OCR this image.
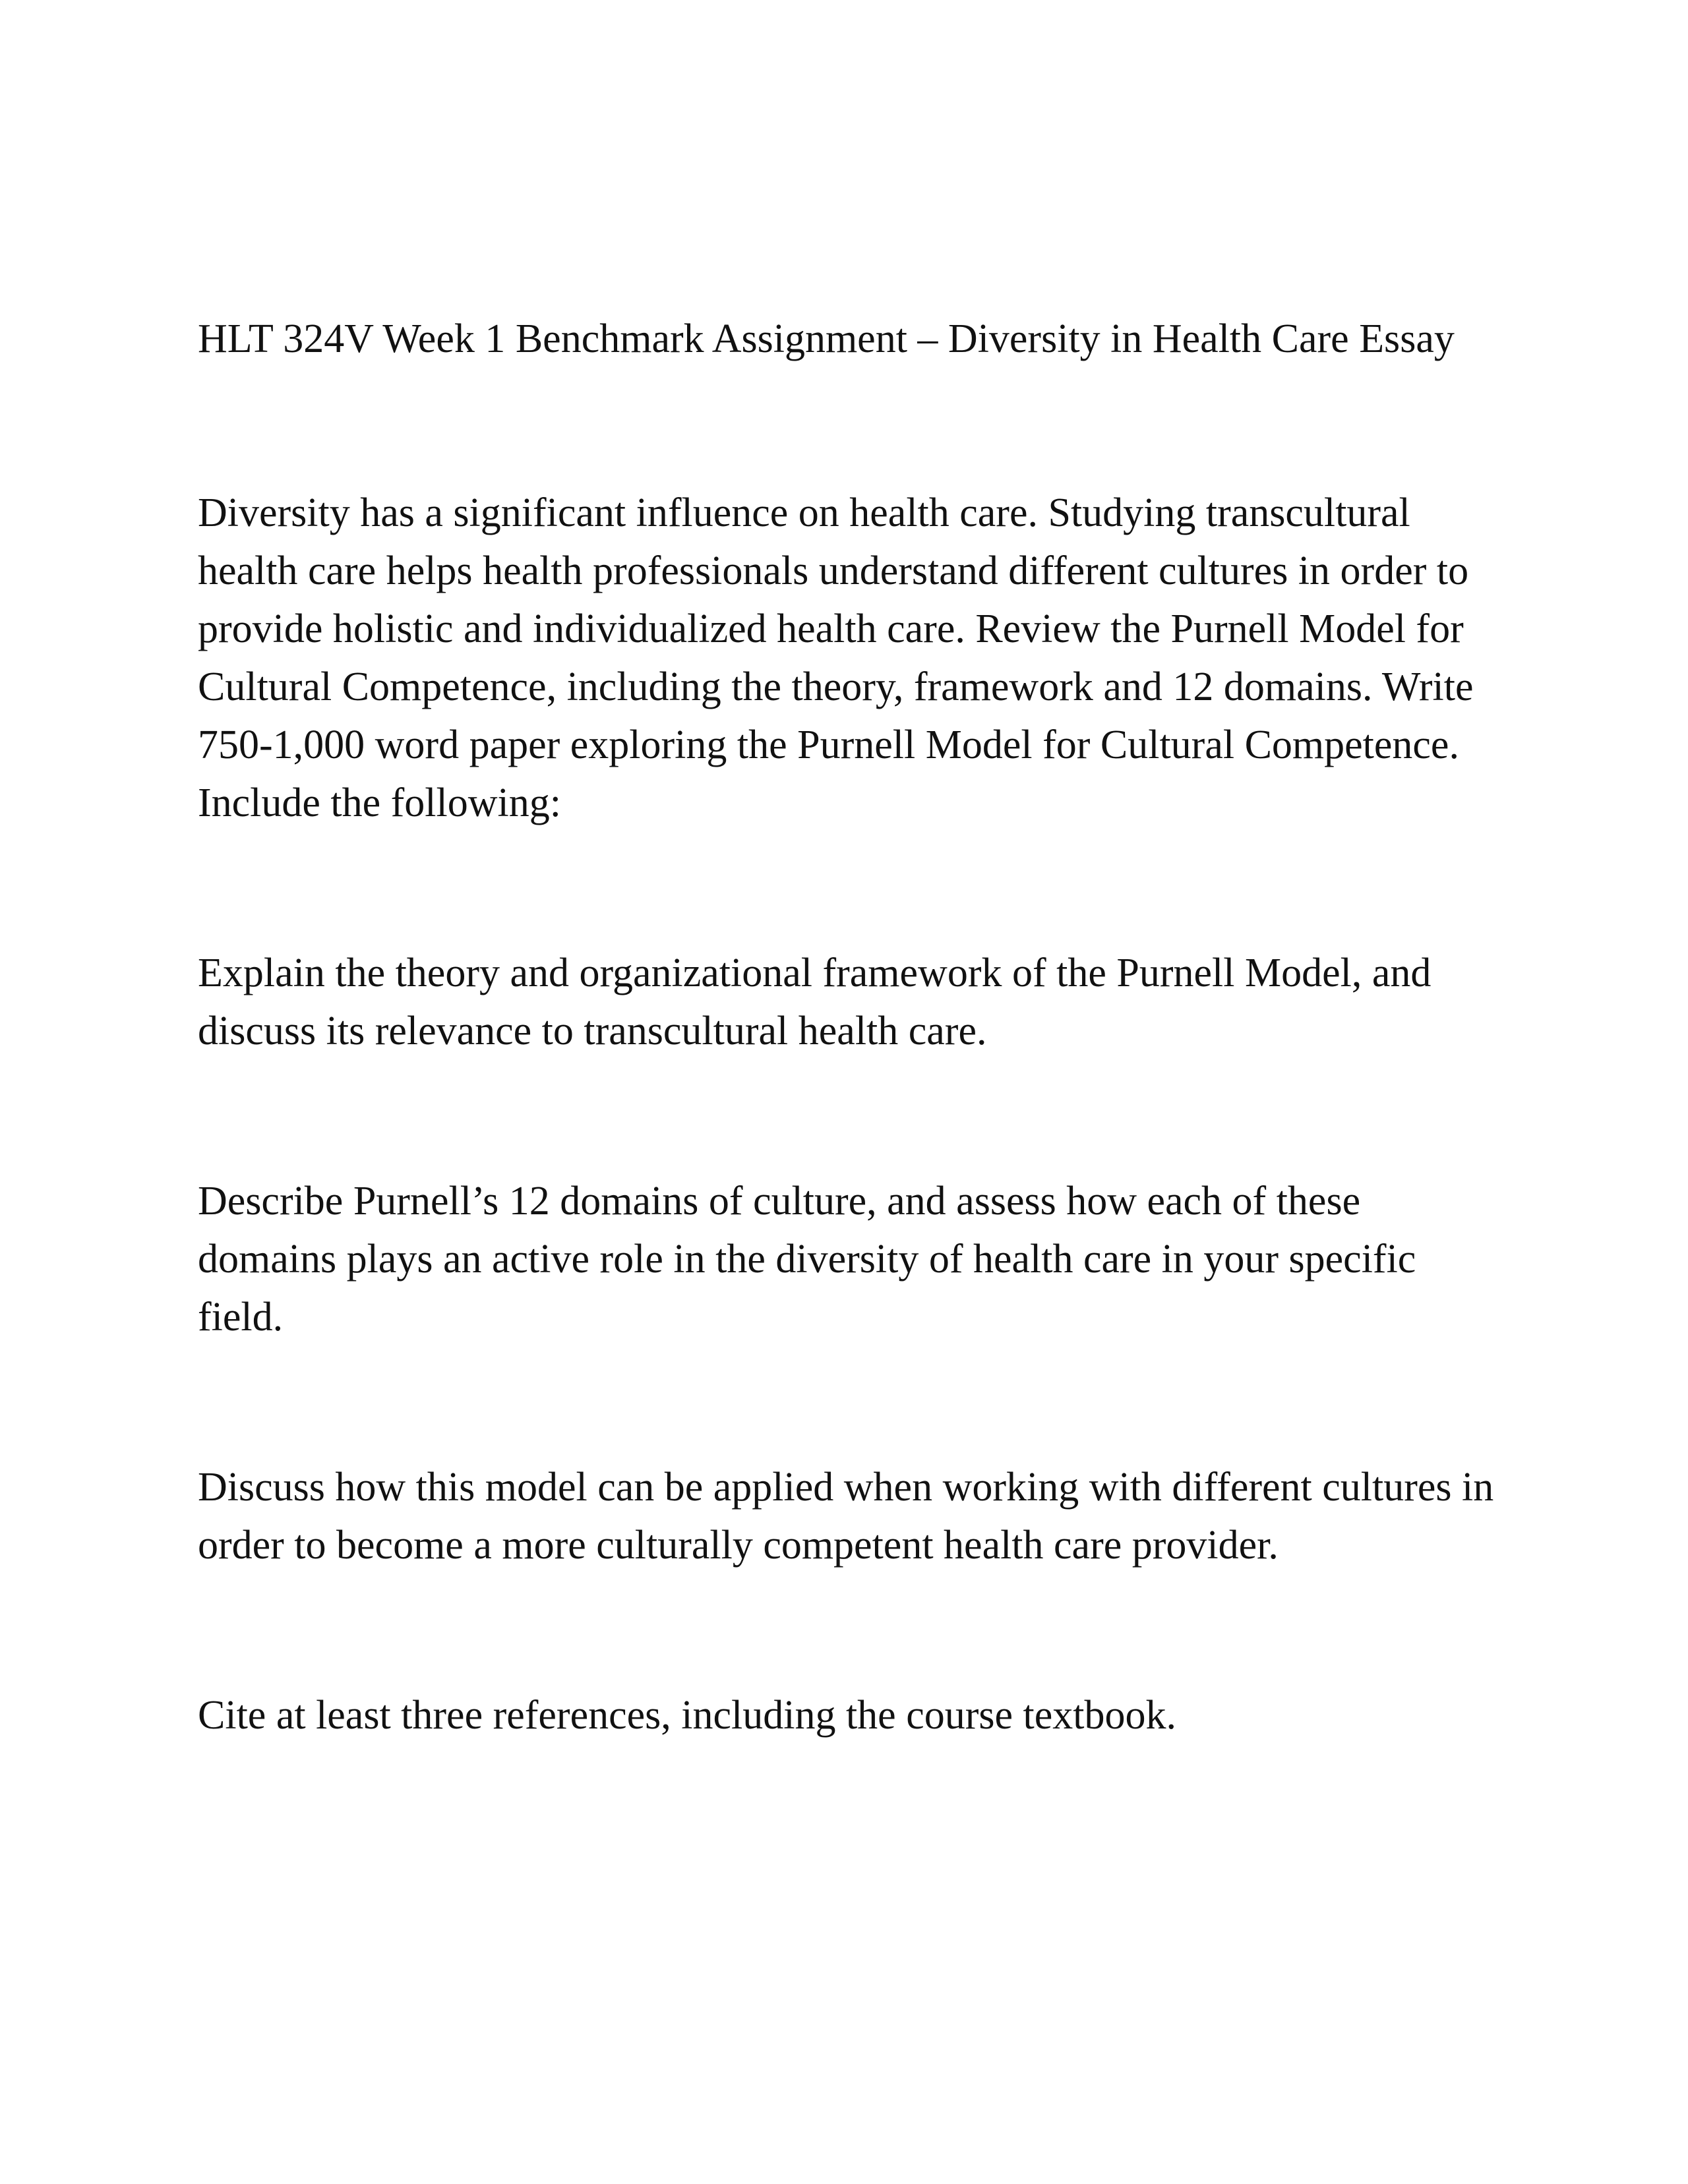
HLT 324V Week 1 Benchmark Assignment – Diversity in Health Care Essay

Diversity has a significant influence on health care. Studying transcultural health care helps health professionals understand different cultures in order to provide holistic and individualized health care. Review the Purnell Model for Cultural Competence, including the theory, framework and 12 domains. Write 750-1,000 word paper exploring the Purnell Model for Cultural Competence. Include the following:

Explain the theory and organizational framework of the Purnell Model, and discuss its relevance to transcultural health care.

Describe Purnell’s 12 domains of culture, and assess how each of these domains plays an active role in the diversity of health care in your specific field.

Discuss how this model can be applied when working with different cultures in order to become a more culturally competent health care provider.

Cite at least three references, including the course textbook.
